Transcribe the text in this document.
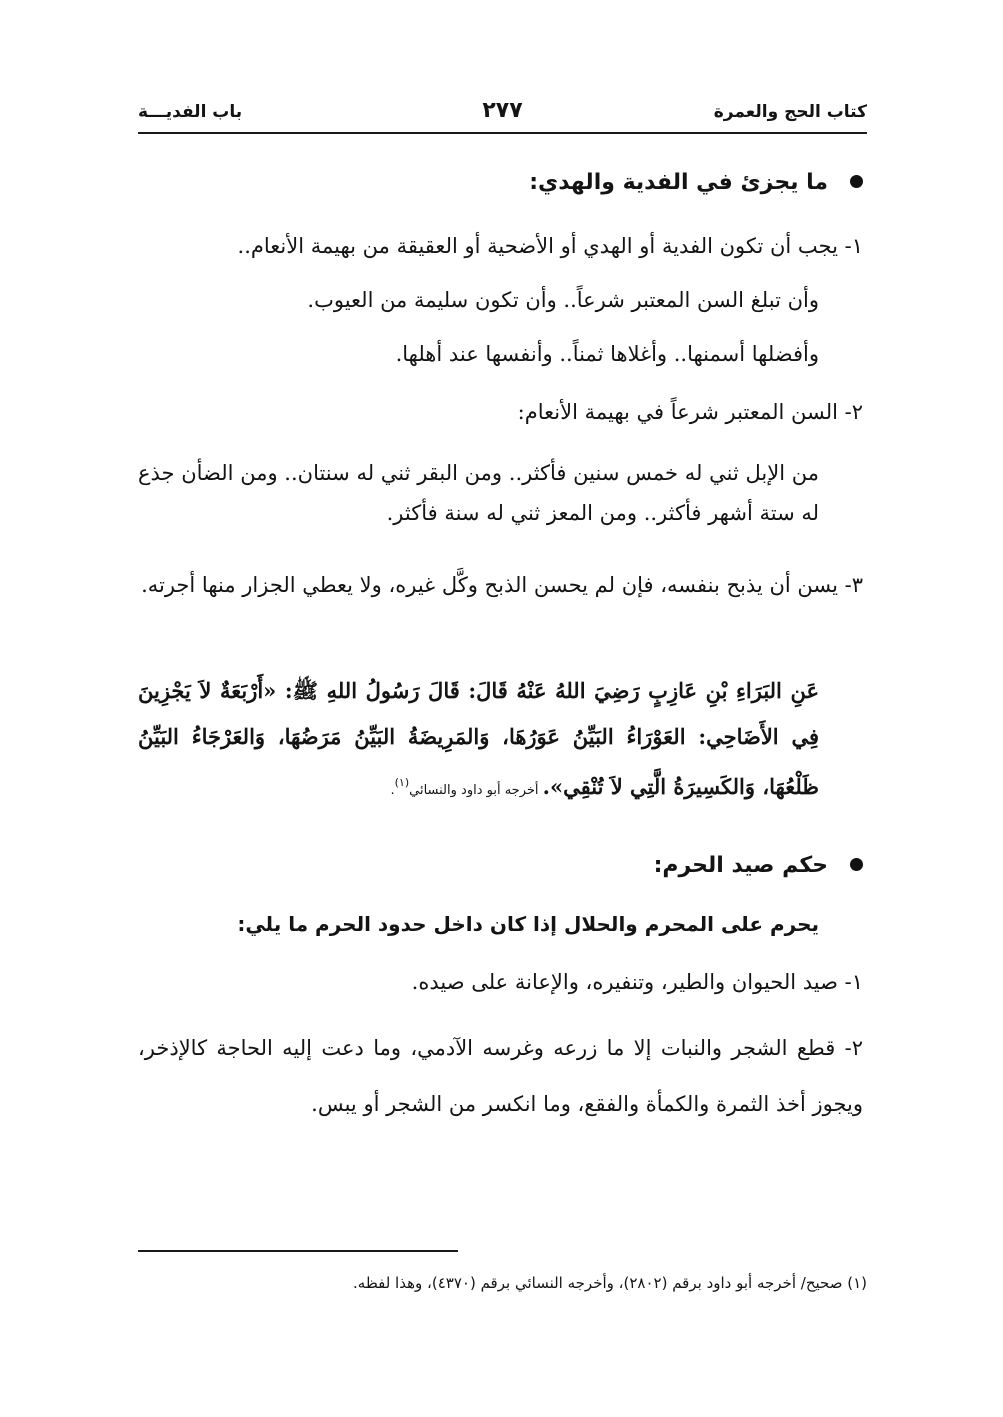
كتاب الحج والعمرة
٢٧٧
باب الفديـــة
ما يجزئ في الفدية والهدي:
١- يجب أن تكون الفدية أو الهدي أو الأضحية أو العقيقة من بهيمة الأنعام..
وأن تبلغ السن المعتبر شرعاً.. وأن تكون سليمة من العيوب.
وأفضلها أسمنها.. وأغلاها ثمناً.. وأنفسها عند أهلها.
٢- السن المعتبر شرعاً في بهيمة الأنعام:
من الإبل ثني له خمس سنين فأكثر.. ومن البقر ثني له سنتان.. ومن الضأن جذع له ستة أشهر فأكثر.. ومن المعز ثني له سنة فأكثر.
٣- يسن أن يذبح بنفسه، فإن لم يحسن الذبح وكَّل غيره، ولا يعطي الجزار منها أجرته.
عَنِ البَرَاءِ بْنِ عَازِبٍ رَضِيَ اللهُ عَنْهُ قَالَ: قَالَ رَسُولُ اللهِ ﷺ: «أَرْبَعَةٌ لاَ يَجْزِينَ فِي الأَضَاحِي: العَوْرَاءُ البَيِّنُ عَوَرُهَا، وَالمَرِيضَةُ البَيِّنُ مَرَضُهَا، وَالعَرْجَاءُ البَيِّنُ ظَلْعُهَا، وَالكَسِيرَةُ الَّتِي لاَ تُنْقِي». أخرجه أبو داود والنسائي$^{(١)}$.
حكم صيد الحرم:
يحرم على المحرم والحلال إذا كان داخل حدود الحرم ما يلي:
١- صيد الحيوان والطير، وتنفيره، والإعانة على صيده.
٢- قطع الشجر والنبات إلا ما زرعه وغرسه الآدمي، وما دعت إليه الحاجة كالإذخر، ويجوز أخذ الثمرة والكمأة والفقع، وما انكسر من الشجر أو يبس.
(١) صحيح/ أخرجه أبو داود برقم (٢٨٠٢)، وأخرجه النسائي برقم (٤٣٧٠)، وهذا لفظه.
